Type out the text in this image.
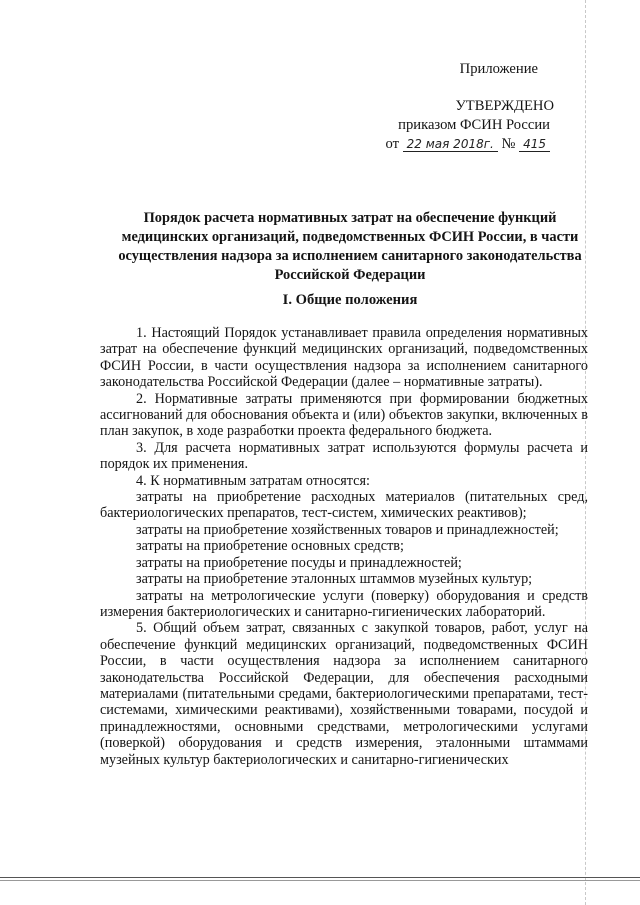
Приложение
УТВЕРЖДЕНО
приказом ФСИН России
от 22 мая 2018г. № 415
Порядок расчета нормативных затрат на обеспечение функций медицинских организаций, подведомственных ФСИН России, в части осуществления надзора за исполнением санитарного законодательства Российской Федерации
I. Общие положения

1. Настоящий Порядок устанавливает правила определения нормативных затрат на обеспечение функций медицинских организаций, подведомственных ФСИН России, в части осуществления надзора за исполнением санитарного законодательства Российской Федерации (далее – нормативные затраты).

2. Нормативные затраты применяются при формировании бюджетных ассигнований для обоснования объекта и (или) объектов закупки, включенных в план закупок, в ходе разработки проекта федерального бюджета.

3. Для расчета нормативных затрат используются формулы расчета и порядок их применения.

4. К нормативным затратам относятся:

затраты на приобретение расходных материалов (питательных сред, бактериологических препаратов, тест-систем, химических реактивов);

затраты на приобретение хозяйственных товаров и принадлежностей;

затраты на приобретение основных средств;

затраты на приобретение посуды и принадлежностей;

затраты на приобретение эталонных штаммов музейных культур;

затраты на метрологические услуги (поверку) оборудования и средств измерения бактериологических и санитарно-гигиенических лабораторий.

5. Общий объем затрат, связанных с закупкой товаров, работ, услуг на обеспечение функций медицинских организаций, подведомственных ФСИН России, в части осуществления надзора за исполнением санитарного законодательства Российской Федерации, для обеспечения расходными материалами (питательными средами, бактериологическими препаратами, тест-системами, химическими реактивами), хозяйственными товарами, посудой и принадлежностями, основными средствами, метрологическими услугами (поверкой) оборудования и средств измерения, эталонными штаммами музейных культур бактериологических и санитарно-гигиенических
